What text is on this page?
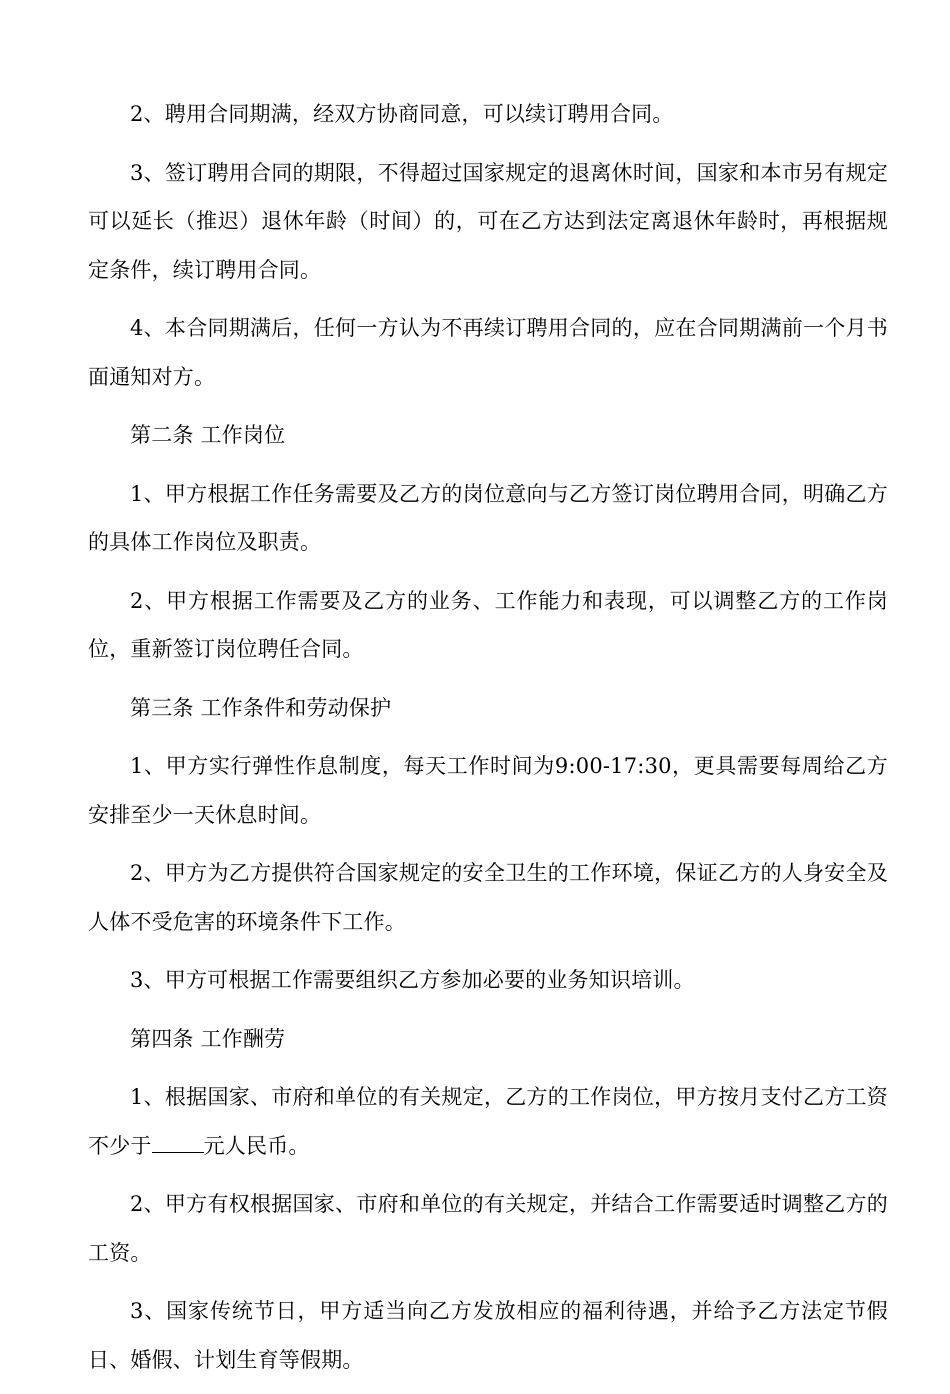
2、聘用合同期满，经双方协商同意，可以续订聘用合同。

3、签订聘用合同的期限，不得超过国家规定的退离休时间，国家和本市另有规定可以延长（推迟）退休年龄（时间）的，可在乙方达到法定离退休年龄时，再根据规定条件，续订聘用合同。

4、本合同期满后，任何一方认为不再续订聘用合同的，应在合同期满前一个月书面通知对方。

第二条 工作岗位

1、甲方根据工作任务需要及乙方的岗位意向与乙方签订岗位聘用合同，明确乙方的具体工作岗位及职责。

2、甲方根据工作需要及乙方的业务、工作能力和表现，可以调整乙方的工作岗位，重新签订岗位聘任合同。

第三条 工作条件和劳动保护

1、甲方实行弹性作息制度，每天工作时间为9:00-17:30，更具需要每周给乙方安排至少一天休息时间。

2、甲方为乙方提供符合国家规定的安全卫生的工作环境，保证乙方的人身安全及人体不受危害的环境条件下工作。

3、甲方可根据工作需要组织乙方参加必要的业务知识培训。

第四条 工作酬劳

1、根据国家、市府和单位的有关规定，乙方的工作岗位，甲方按月支付乙方工资不少于 元人民币。

2、甲方有权根据国家、市府和单位的有关规定，并结合工作需要适时调整乙方的工资。

3、国家传统节日，甲方适当向乙方发放相应的福利待遇，并给予乙方法定节假日、婚假、计划生育等假期。
